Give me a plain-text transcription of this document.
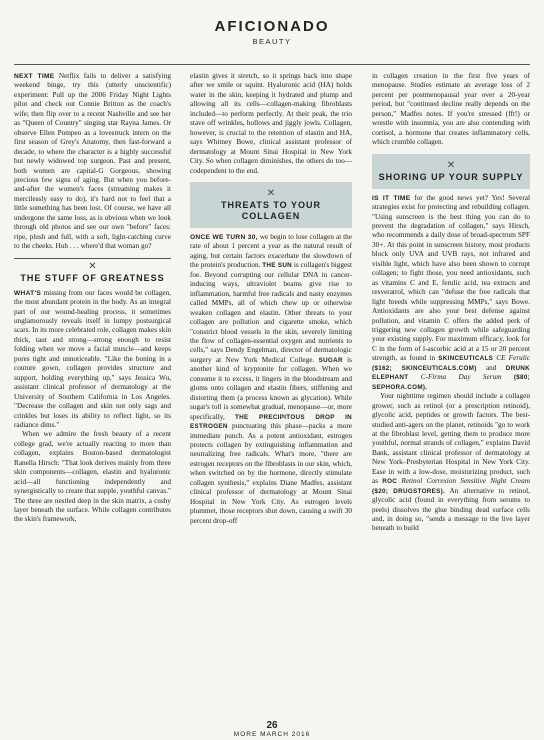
AFICIONADO
BEAUTY

NEXT TIME Netflix fails to deliver a satisfying weekend binge, try this (utterly unscientific) experiment: Pull up the 2006 Friday Night Lights pilot and check out Connie Britton as the coach's wife; then flip over to a recent Nashville and see her as "Queen of Country" singing star Rayna James. Or observe Ellen Pompeo as a lovestruck intern on the first season of Grey's Anatomy, then fast-forward a decade, to where the character is a highly successful but newly widowed top surgeon. Past and present, both women are capital-G Gorgeous, showing precious few signs of aging. But when you before-and-after the women's faces (streaming makes it mercilessly easy to do), it's hard not to feel that a little something has been lost. Of course, we have all undergone the same loss, as is obvious when we look through old photos and see our own "before" faces: ripe, plush and full, with a soft, light-catching curve to the cheeks. Huh . . . where'd that woman go?

✕
THE STUFF OF GREATNESS

WHAT'S missing from our faces would be collagen, the most abundant protein in the body. As an integral part of our wound-healing process, it sometimes unglamorously reveals itself in lumpy postsurgical scars. In its more celebrated role, collagen makes skin thick, taut and strong—strong enough to resist folding when we move a facial muscle—and keeps pores tight and unnoticeable. "Like the boning in a couture gown, collagen provides structure and support, holding everything up," says Jessica Wu, assistant clinical professor of dermatology at the University of Southern California in Los Angeles. "Decrease the collagen and skin not only sags and crinkles but loses its ability to reflect light, so its radiance dims."

When we admire the fresh beauty of a recent college grad, we're actually reacting to more than collagen, explains Boston-based dermatologist Ranella Hirsch: "That look derives mainly from three skin components—collagen, elastin and hyaluronic acid—all functioning independently and synergistically to create that supple, youthful canvas." The three are nestled deep in the skin matrix, a cushy layer beneath the surface. While collagen contributes the skin's framework,

elastin gives it stretch, so it springs back into shape after we smile or squint. Hyaluronic acid (HA) holds water in the skin, keeping it hydrated and plump and allowing all its cells—collagen-making fibroblasts included—to perform perfectly. At their peak, the trio stave off wrinkles, hollows and jiggly jowls. Collagen, however, is crucial to the retention of elastin and HA, says Whitney Bowe, clinical assistant professor of dermatology at Mount Sinai Hospital in New York City. So when collagen diminishes, the others do too—codependent to the end.

✕
THREATS TO YOUR COLLAGEN

ONCE WE TURN 30, we begin to lose collagen at the rate of about 1 percent a year as the natural result of aging, but certain factors exacerbate the slowdown of the protein's production. THE SUN is collagen's biggest foe. Beyond corrupting our cellular DNA in cancer-inducing ways, ultraviolet beams give rise to inflammation, harmful free radicals and nasty enzymes called MMPs, all of which chew up or otherwise weaken collagen and elastin. Other threats to your collagen are pollution and cigarette smoke, which "constrict blood vessels in the skin, severely limiting the flow of collagen-essential oxygen and nutrients to cells," says Dendy Engelman, director of dermatologic surgery at New York Medical College. SUGAR is another kind of kryptonite for collagen. When we consume it to excess, it lingers in the bloodstream and gloms onto collagen and elastin fibers, stiffening and distorting them (a process known as glycation). While sugar's toll is somewhat gradual, menopause—or, more specifically, THE PRECIPITOUS DROP IN ESTROGEN punctuating this phase—packs a more immediate punch. As a potent antioxidant, estrogen protects collagen by extinguishing inflammation and neutralizing free radicals. What's more, "there are estrogen receptors on the fibroblasts in our skin, which, when switched on by the hormone, directly stimulate collagen synthesis," explains Diane Madfes, assistant clinical professor of dermatology at Mount Sinai Hospital in New York City. As estrogen levels plummet, those receptors shut down, causing a swift 30 percent drop-off

in collagen creation in the first five years of menopause. Studies estimate an average loss of 2 percent per postmenopausal year over a 20-year period, but "continued decline really depends on the person," Madfes notes. If you're stressed (fft!) or wrestle with insomnia, you are also contending with cortisol, a hormone that creates inflammatory cells, which crumble collagen.

✕
SHORING UP YOUR SUPPLY

IS IT TIME for the good news yet? Yes! Several strategies exist for protecting and rebuilding collagen. "Using sunscreen is the best thing you can do to prevent the degradation of collagen," says Hirsch, who recommends a daily dose of broad-spectrum SPF 30+. At this point in sunscreen history, most products block only UVA and UVB rays, not infrared and visible light, which have also been shown to corrupt collagen; to fight those, you need antioxidants, such as vitamins C and E, ferulic acid, tea extracts and resveratrol, which can "defuse the free radicals that light breeds while suppressing MMPs," says Bowe. Antioxidants are also your best defense against pollution, and vitamin C offers the added perk of triggering new collagen growth while safeguarding your existing supply. For maximum efficacy, look for C in the form of l-ascorbic acid at a 15 or 20 percent strength, as found in SKINCEUTICALS CE Ferulic ($162; SKINCEUTICALS.COM) and DRUNK ELEPHANT C-Firma Day Serum ($80; SEPHORA.COM).

Your nighttime regimen should include a collagen grower, such as retinol (or a prescription retinoid), glycolic acid, peptides or growth factors. The best-studied anti-agers on the planet, retinoids "go to work at the fibroblast level, getting them to produce more youthful, normal strands of collagen," explains David Bank, assistant clinical professor of dermatology at New York–Presbyterian Hospital in New York City. Ease in with a low-dose, moisturizing product, such as ROC Retinol Correxion Sensitive Night Cream ($20; DRUGSTORES). An alternative to retinol, glycolic acid (found in everything from serums to peels) dissolves the glue binding dead surface cells and, in doing so, "sends a message to the live layer beneath to build

26
MORE MARCH 2016
